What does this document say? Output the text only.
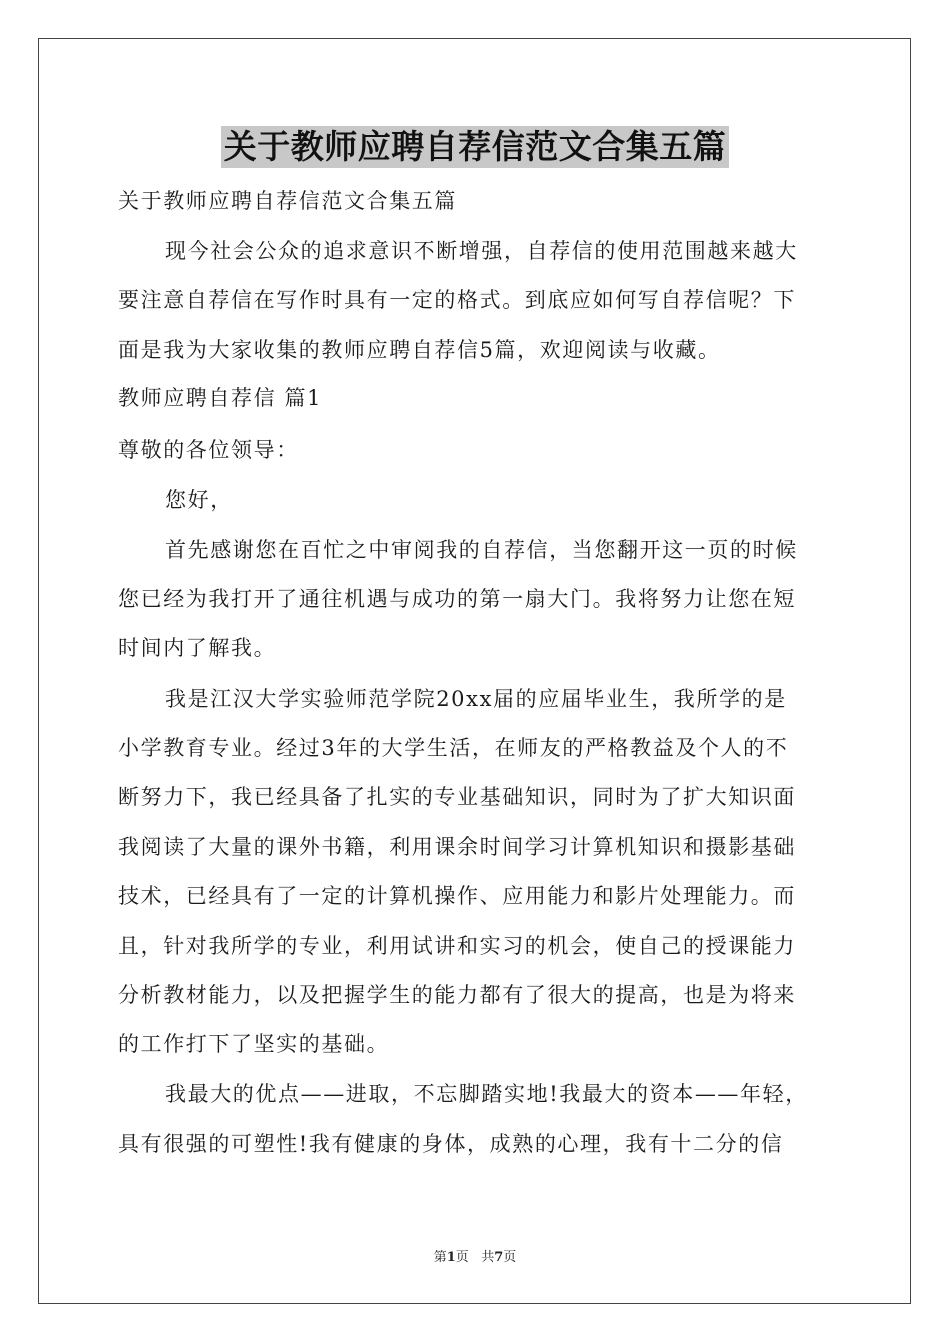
关于教师应聘自荐信范文合集五篇
关于教师应聘自荐信范文合集五篇
现今社会公众的追求意识不断增强，自荐信的使用范围越来越大
要注意自荐信在写作时具有一定的格式。到底应如何写自荐信呢？下
面是我为大家收集的教师应聘自荐信5篇，欢迎阅读与收藏。
教师应聘自荐信 篇1
尊敬的各位领导：
您好，
首先感谢您在百忙之中审阅我的自荐信，当您翻开这一页的时候
您已经为我打开了通往机遇与成功的第一扇大门。我将努力让您在短
时间内了解我。
我是江汉大学实验师范学院20xx届的应届毕业生，我所学的是
小学教育专业。经过3年的大学生活，在师友的严格教益及个人的不
断努力下，我已经具备了扎实的专业基础知识，同时为了扩大知识面
我阅读了大量的课外书籍，利用课余时间学习计算机知识和摄影基础
技术，已经具有了一定的计算机操作、应用能力和影片处理能力。而
且，针对我所学的专业，利用试讲和实习的机会，使自己的授课能力
分析教材能力，以及把握学生的能力都有了很大的提高，也是为将来
的工作打下了坚实的基础。
我最大的优点——进取，不忘脚踏实地!我最大的资本——年轻，
具有很强的可塑性!我有健康的身体，成熟的心理，我有十二分的信
第1页   共7页
